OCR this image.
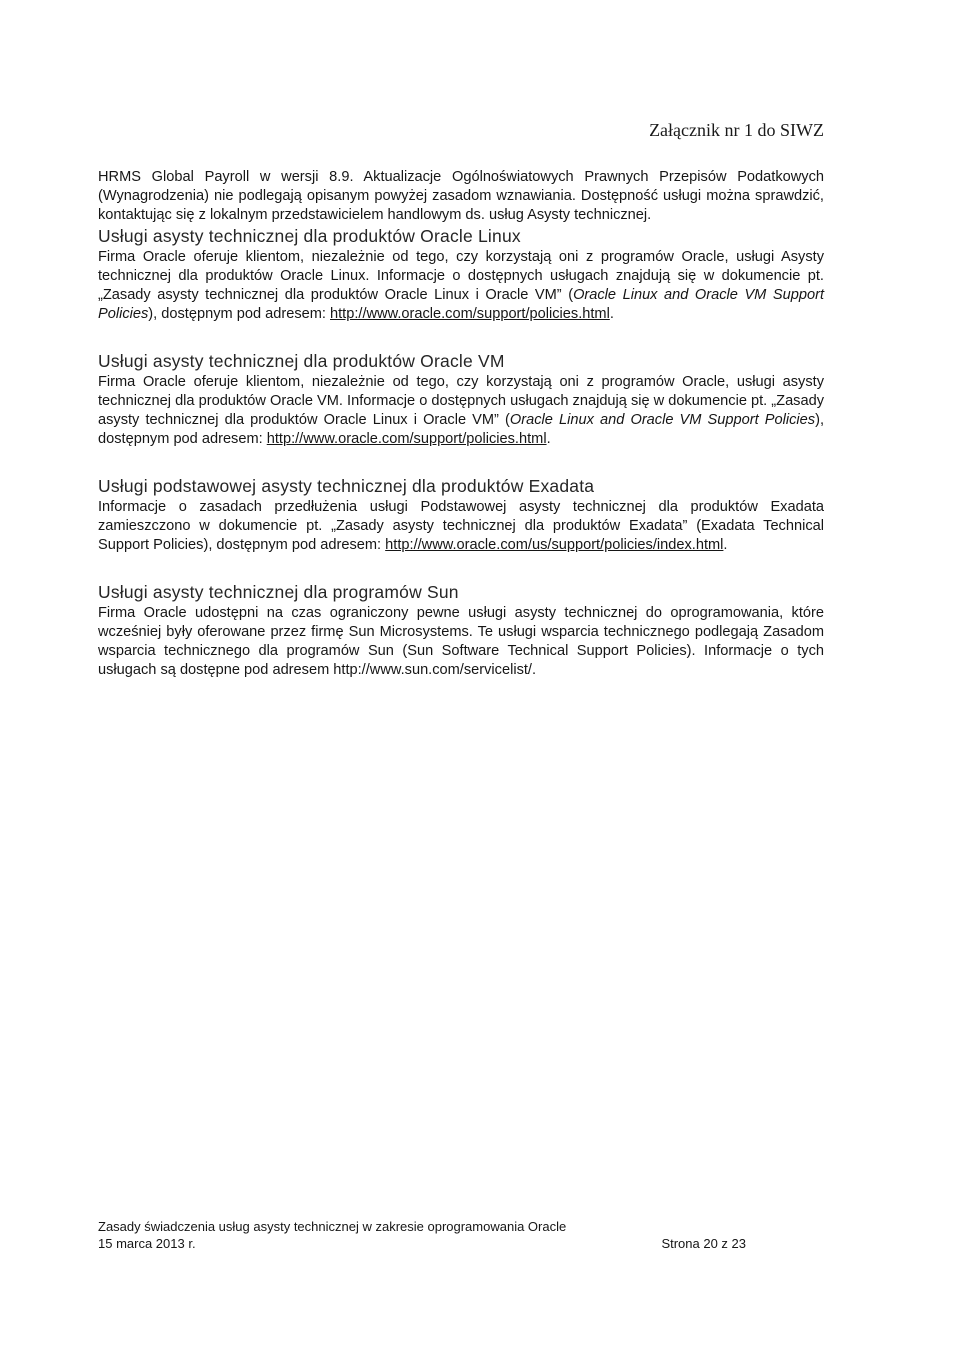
Załącznik nr 1 do SIWZ

HRMS Global Payroll w wersji 8.9. Aktualizacje Ogólnoświatowych Prawnych Przepisów Podatkowych (Wynagrodzenia) nie podlegają opisanym powyżej zasadom wznawiania. Dostępność usługi można sprawdzić, kontaktując się z lokalnym przedstawicielem handlowym ds. usług Asysty technicznej.

Usługi asysty technicznej dla produktów Oracle Linux

Firma Oracle oferuje klientom, niezależnie od tego, czy korzystają oni z programów Oracle, usługi Asysty technicznej dla produktów Oracle Linux. Informacje o dostępnych usługach znajdują się w dokumencie pt. „Zasady asysty technicznej dla produktów Oracle Linux i Oracle VM” (Oracle Linux and Oracle VM Support Policies), dostępnym pod adresem: http://www.oracle.com/support/policies.html.

Usługi asysty technicznej dla produktów Oracle VM

Firma Oracle oferuje klientom, niezależnie od tego, czy korzystają oni z programów Oracle, usługi asysty technicznej dla produktów Oracle VM. Informacje o dostępnych usługach znajdują się w dokumencie pt. „Zasady asysty technicznej dla produktów Oracle Linux i Oracle VM” (Oracle Linux and Oracle VM Support Policies), dostępnym pod adresem: http://www.oracle.com/support/policies.html.

Usługi podstawowej asysty technicznej dla produktów Exadata

Informacje o zasadach przedłużenia usługi Podstawowej asysty technicznej dla produktów Exadata zamieszczono w dokumencie pt. „Zasady asysty technicznej dla produktów Exadata” (Exadata Technical Support Policies), dostępnym pod adresem: http://www.oracle.com/us/support/policies/index.html.

Usługi asysty technicznej dla programów Sun

Firma Oracle udostępni na czas ograniczony pewne usługi asysty technicznej do oprogramowania, które wcześniej były oferowane przez firmę Sun Microsystems. Te usługi wsparcia technicznego podlegają Zasadom wsparcia technicznego dla programów Sun (Sun Software Technical Support Policies). Informacje o tych usługach są dostępne pod adresem http://www.sun.com/servicelist/.

Zasady świadczenia usług asysty technicznej w zakresie oprogramowania Oracle
15 marca 2013 r.	Strona 20 z 23
